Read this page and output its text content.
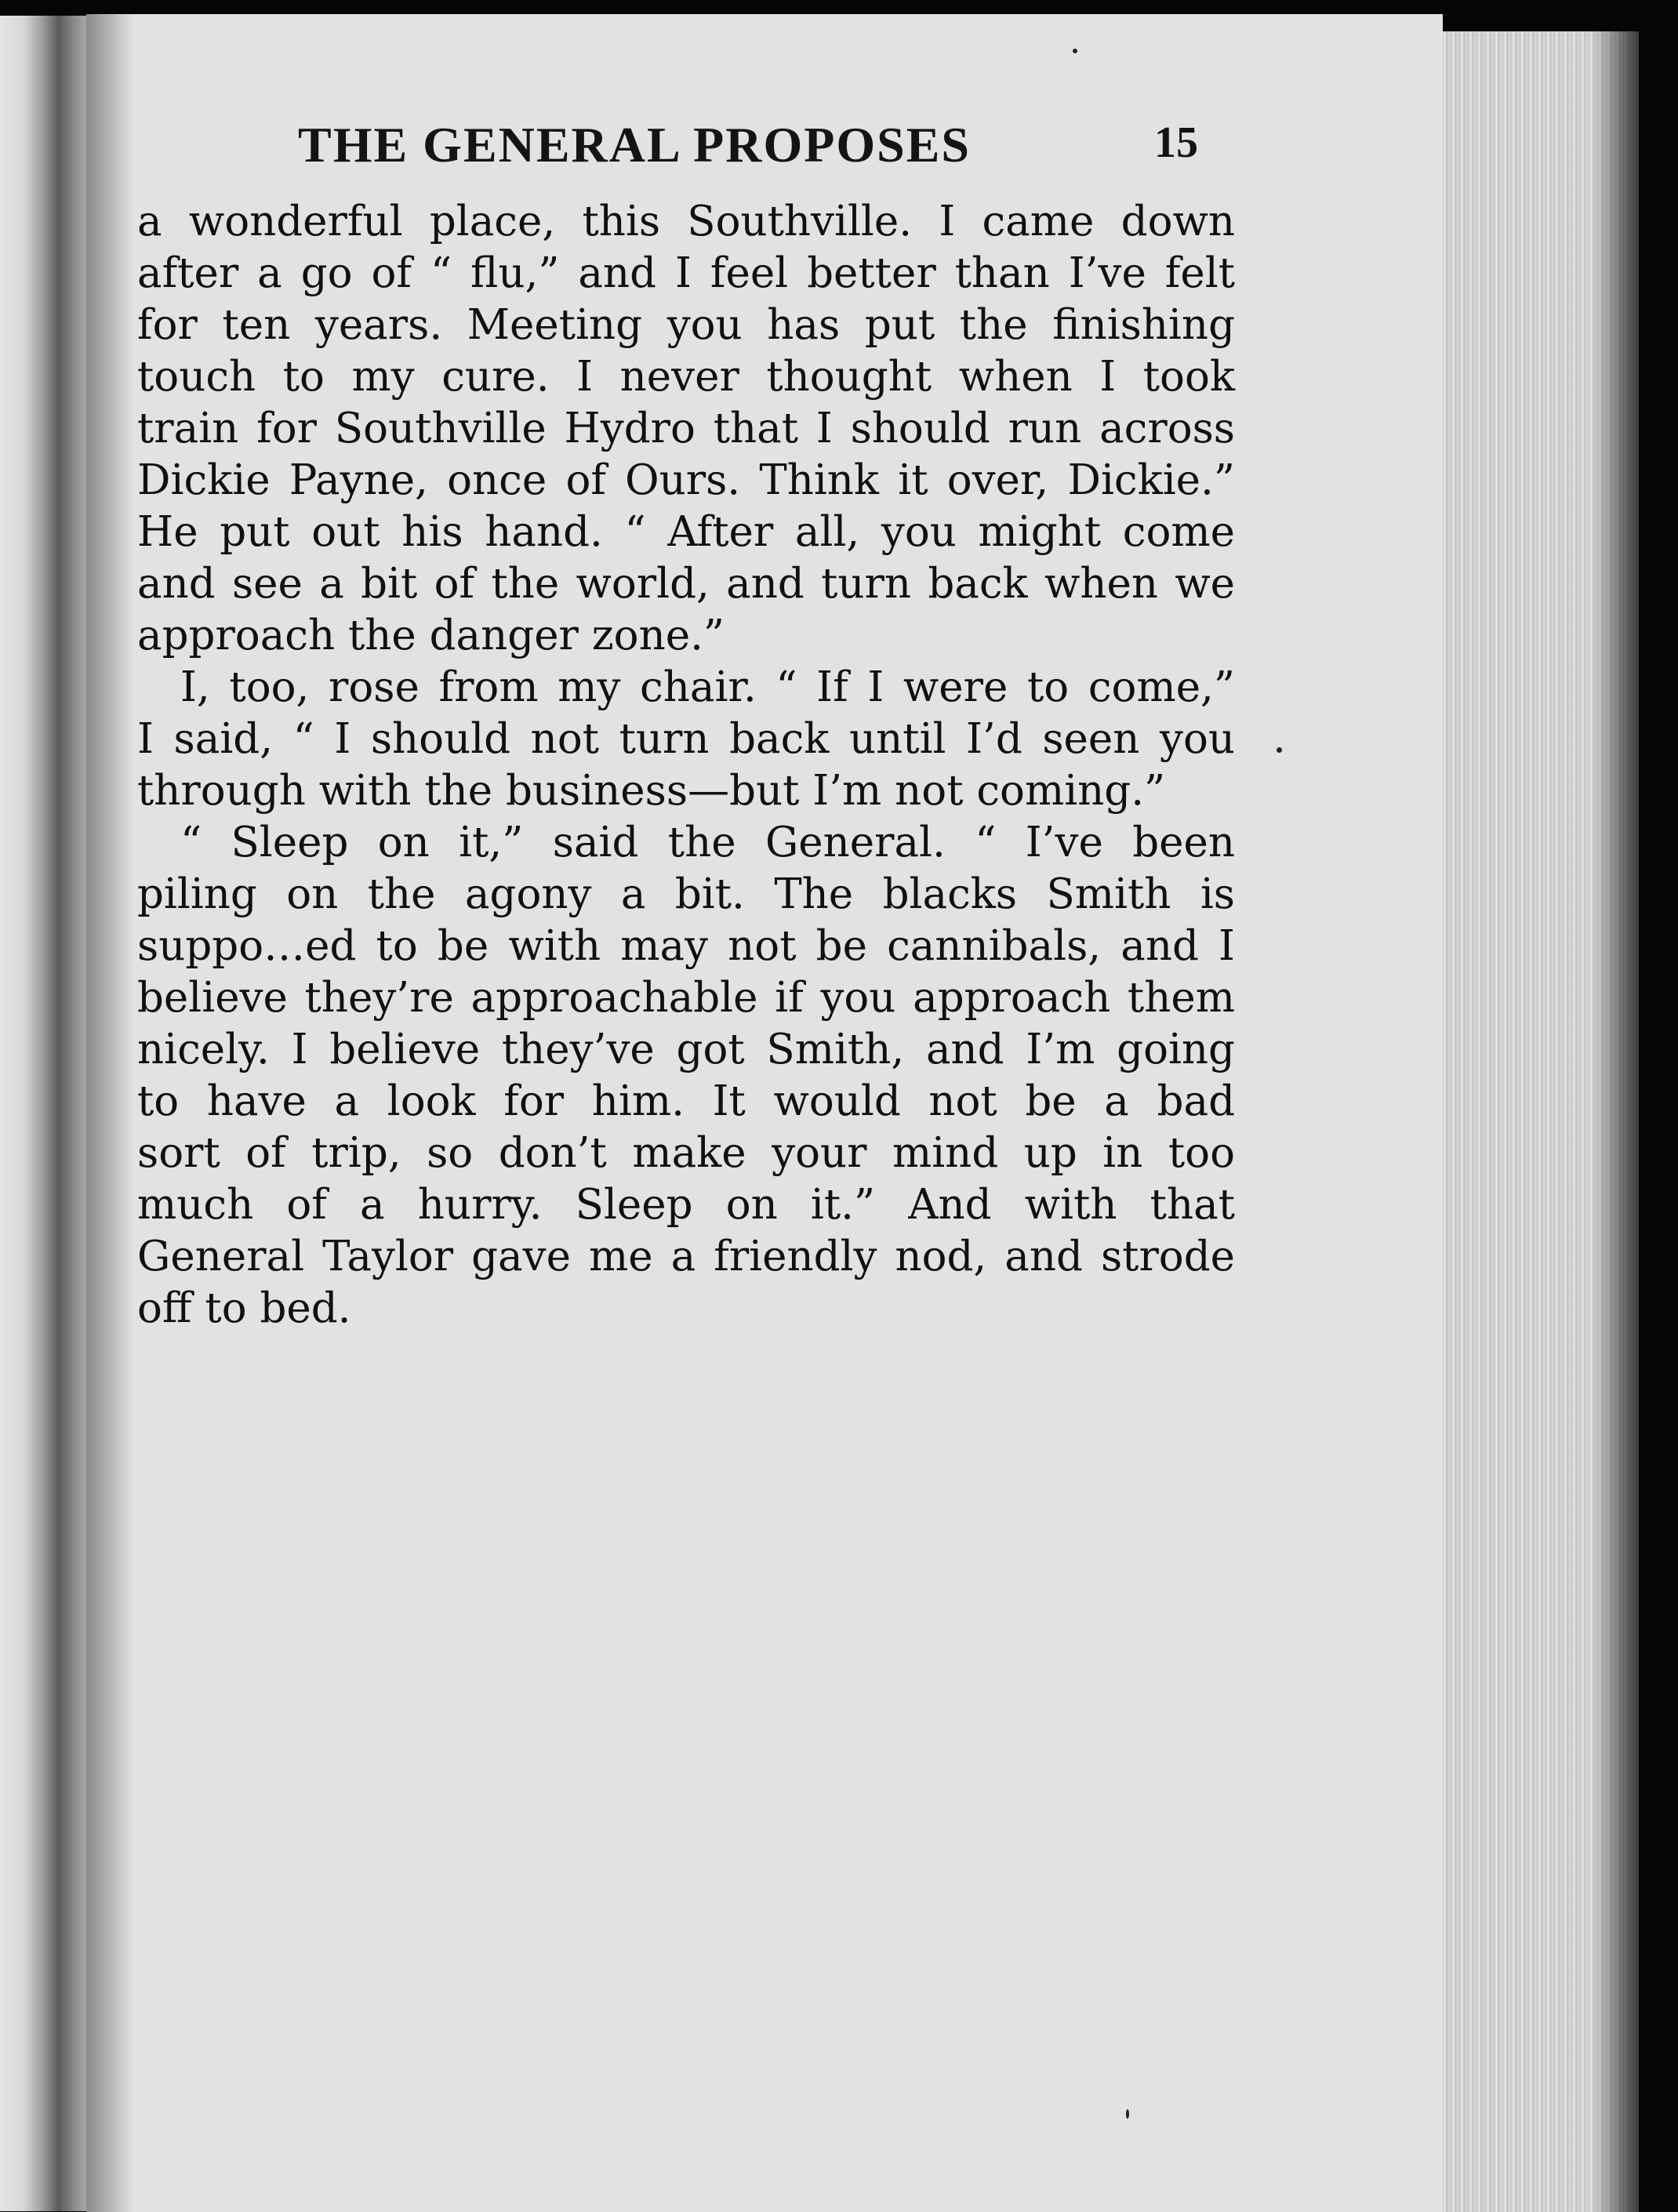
THE GENERAL PROPOSES	15
a wonderful place, this Southville. I came down
after a go of “ flu,” and I feel better than I’ve felt
for ten years. Meeting you has put the finishing
touch to my cure. I never thought when I took
train for Southville Hydro that I should run across
Dickie Payne, once of Ours. Think it over, Dickie.”
He put out his hand. “ After all, you might come
and see a bit of the world, and turn back when we
approach the danger zone.”
I, too, rose from my chair. “ If I were to come,”
I said, “ I should not turn back until I’d seen you
through with the business—but I’m not coming.”
“ Sleep on it,” said the General. “ I’ve been
piling on the agony a bit. The blacks Smith is
suppo…ed to be with may not be cannibals, and I
believe they’re approachable if you approach them
nicely. I believe they’ve got Smith, and I’m going
to have a look for him. It would not be a bad
sort of trip, so don’t make your mind up in too
much of a hurry. Sleep on it.” And with that
General Taylor gave me a friendly nod, and strode
off to bed.
